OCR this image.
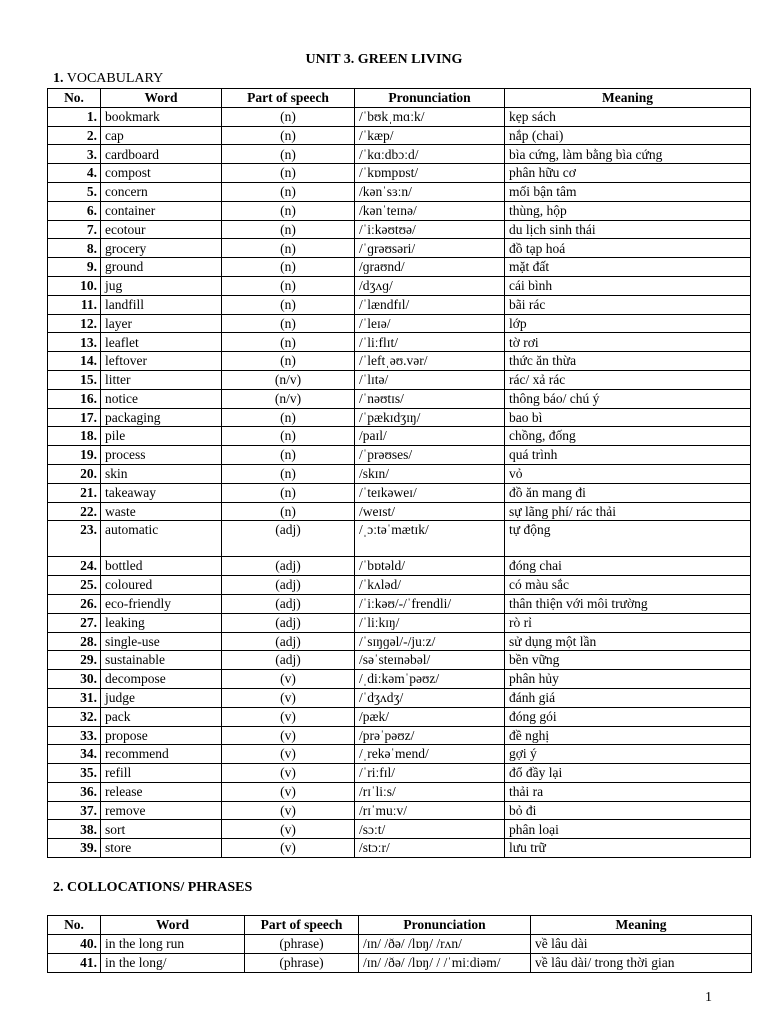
UNIT 3. GREEN LIVING
1. VOCABULARY
No.	Word	Part of speech	Pronunciation	Meaning
1.	bookmark	(n)	/ˈbʊkˌmɑːk/	kẹp sách
2.	cap	(n)	/ˈkæp/	nắp (chai)
3.	cardboard	(n)	/ˈkɑːdbɔːd/	bìa cứng, làm bằng bìa cứng
4.	compost	(n)	/ˈkɒmpɒst/	phân hữu cơ
5.	concern	(n)	/kənˈsɜːn/	mối bận tâm
6.	container	(n)	/kənˈteɪnə/	thùng, hộp
7.	ecotour	(n)	/ˈiːkəʊtʊə/	du lịch sinh thái
8.	grocery	(n)	/ˈɡrəʊsəri/	đồ tạp hoá
9.	ground	(n)	/ɡraʊnd/	mặt đất
10.	jug	(n)	/dʒʌɡ/	cái bình
11.	landfill	(n)	/ˈlændfɪl/	bãi rác
12.	layer	(n)	/ˈleɪə/	lớp
13.	leaflet	(n)	/ˈliːflɪt/	tờ rơi
14.	leftover	(n)	/ˈleftˌəʊ.vər/	thức ăn thừa
15.	litter	(n/v)	/ˈlɪtə/	rác/ xả rác
16.	notice	(n/v)	/ˈnəʊtɪs/	thông báo/ chú ý
17.	packaging	(n)	/ˈpækɪdʒɪŋ/	bao bì
18.	pile	(n)	/paɪl/	chồng, đống
19.	process	(n)	/ˈprəʊses/	quá trình
20.	skin	(n)	/skɪn/	vỏ
21.	takeaway	(n)	/ˈteɪkəweɪ/	đồ ăn mang đi
22.	waste	(n)	/weɪst/	sự lãng phí/ rác thải
23.	automatic	(adj)	/ˌɔːtəˈmætɪk/	tự động
24.	bottled	(adj)	/ˈbɒtəld/	đóng chai
25.	coloured	(adj)	/ˈkʌləd/	có màu sắc
26.	eco-friendly	(adj)	/ˈiːkəʊ/-/ˈfrendli/	thân thiện với môi trường
27.	leaking	(adj)	/ˈliːkɪŋ/	rò rỉ
28.	single-use	(adj)	/ˈsɪŋɡəl/-/juːz/	sử dụng một lần
29.	sustainable	(adj)	/səˈsteɪnəbəl/	bền vững
30.	decompose	(v)	/ˌdiːkəmˈpəʊz/	phân hủy
31.	judge	(v)	/ˈdʒʌdʒ/	đánh giá
32.	pack	(v)	/pæk/	đóng gói
33.	propose	(v)	/prəˈpəʊz/	đề nghị
34.	recommend	(v)	/ˌrekəˈmend/	gợi ý
35.	refill	(v)	/ˈriːfɪl/	đổ đầy lại
36.	release	(v)	/rɪˈliːs/	thải ra
37.	remove	(v)	/rɪˈmuːv/	bỏ đi
38.	sort	(v)	/sɔːt/	phân loại
39.	store	(v)	/stɔːr/	lưu trữ
2. COLLOCATIONS/ PHRASES
No.	Word	Part of speech	Pronunciation	Meaning
40.	in the long run	(phrase)	/ɪn/ /ðə/ /lɒŋ/ /rʌn/	về lâu dài
41.	in the long/	(phrase)	/ɪn/ /ðə/ /lɒŋ/ / /ˈmiːdiəm/	về lâu dài/ trong thời gian
1
